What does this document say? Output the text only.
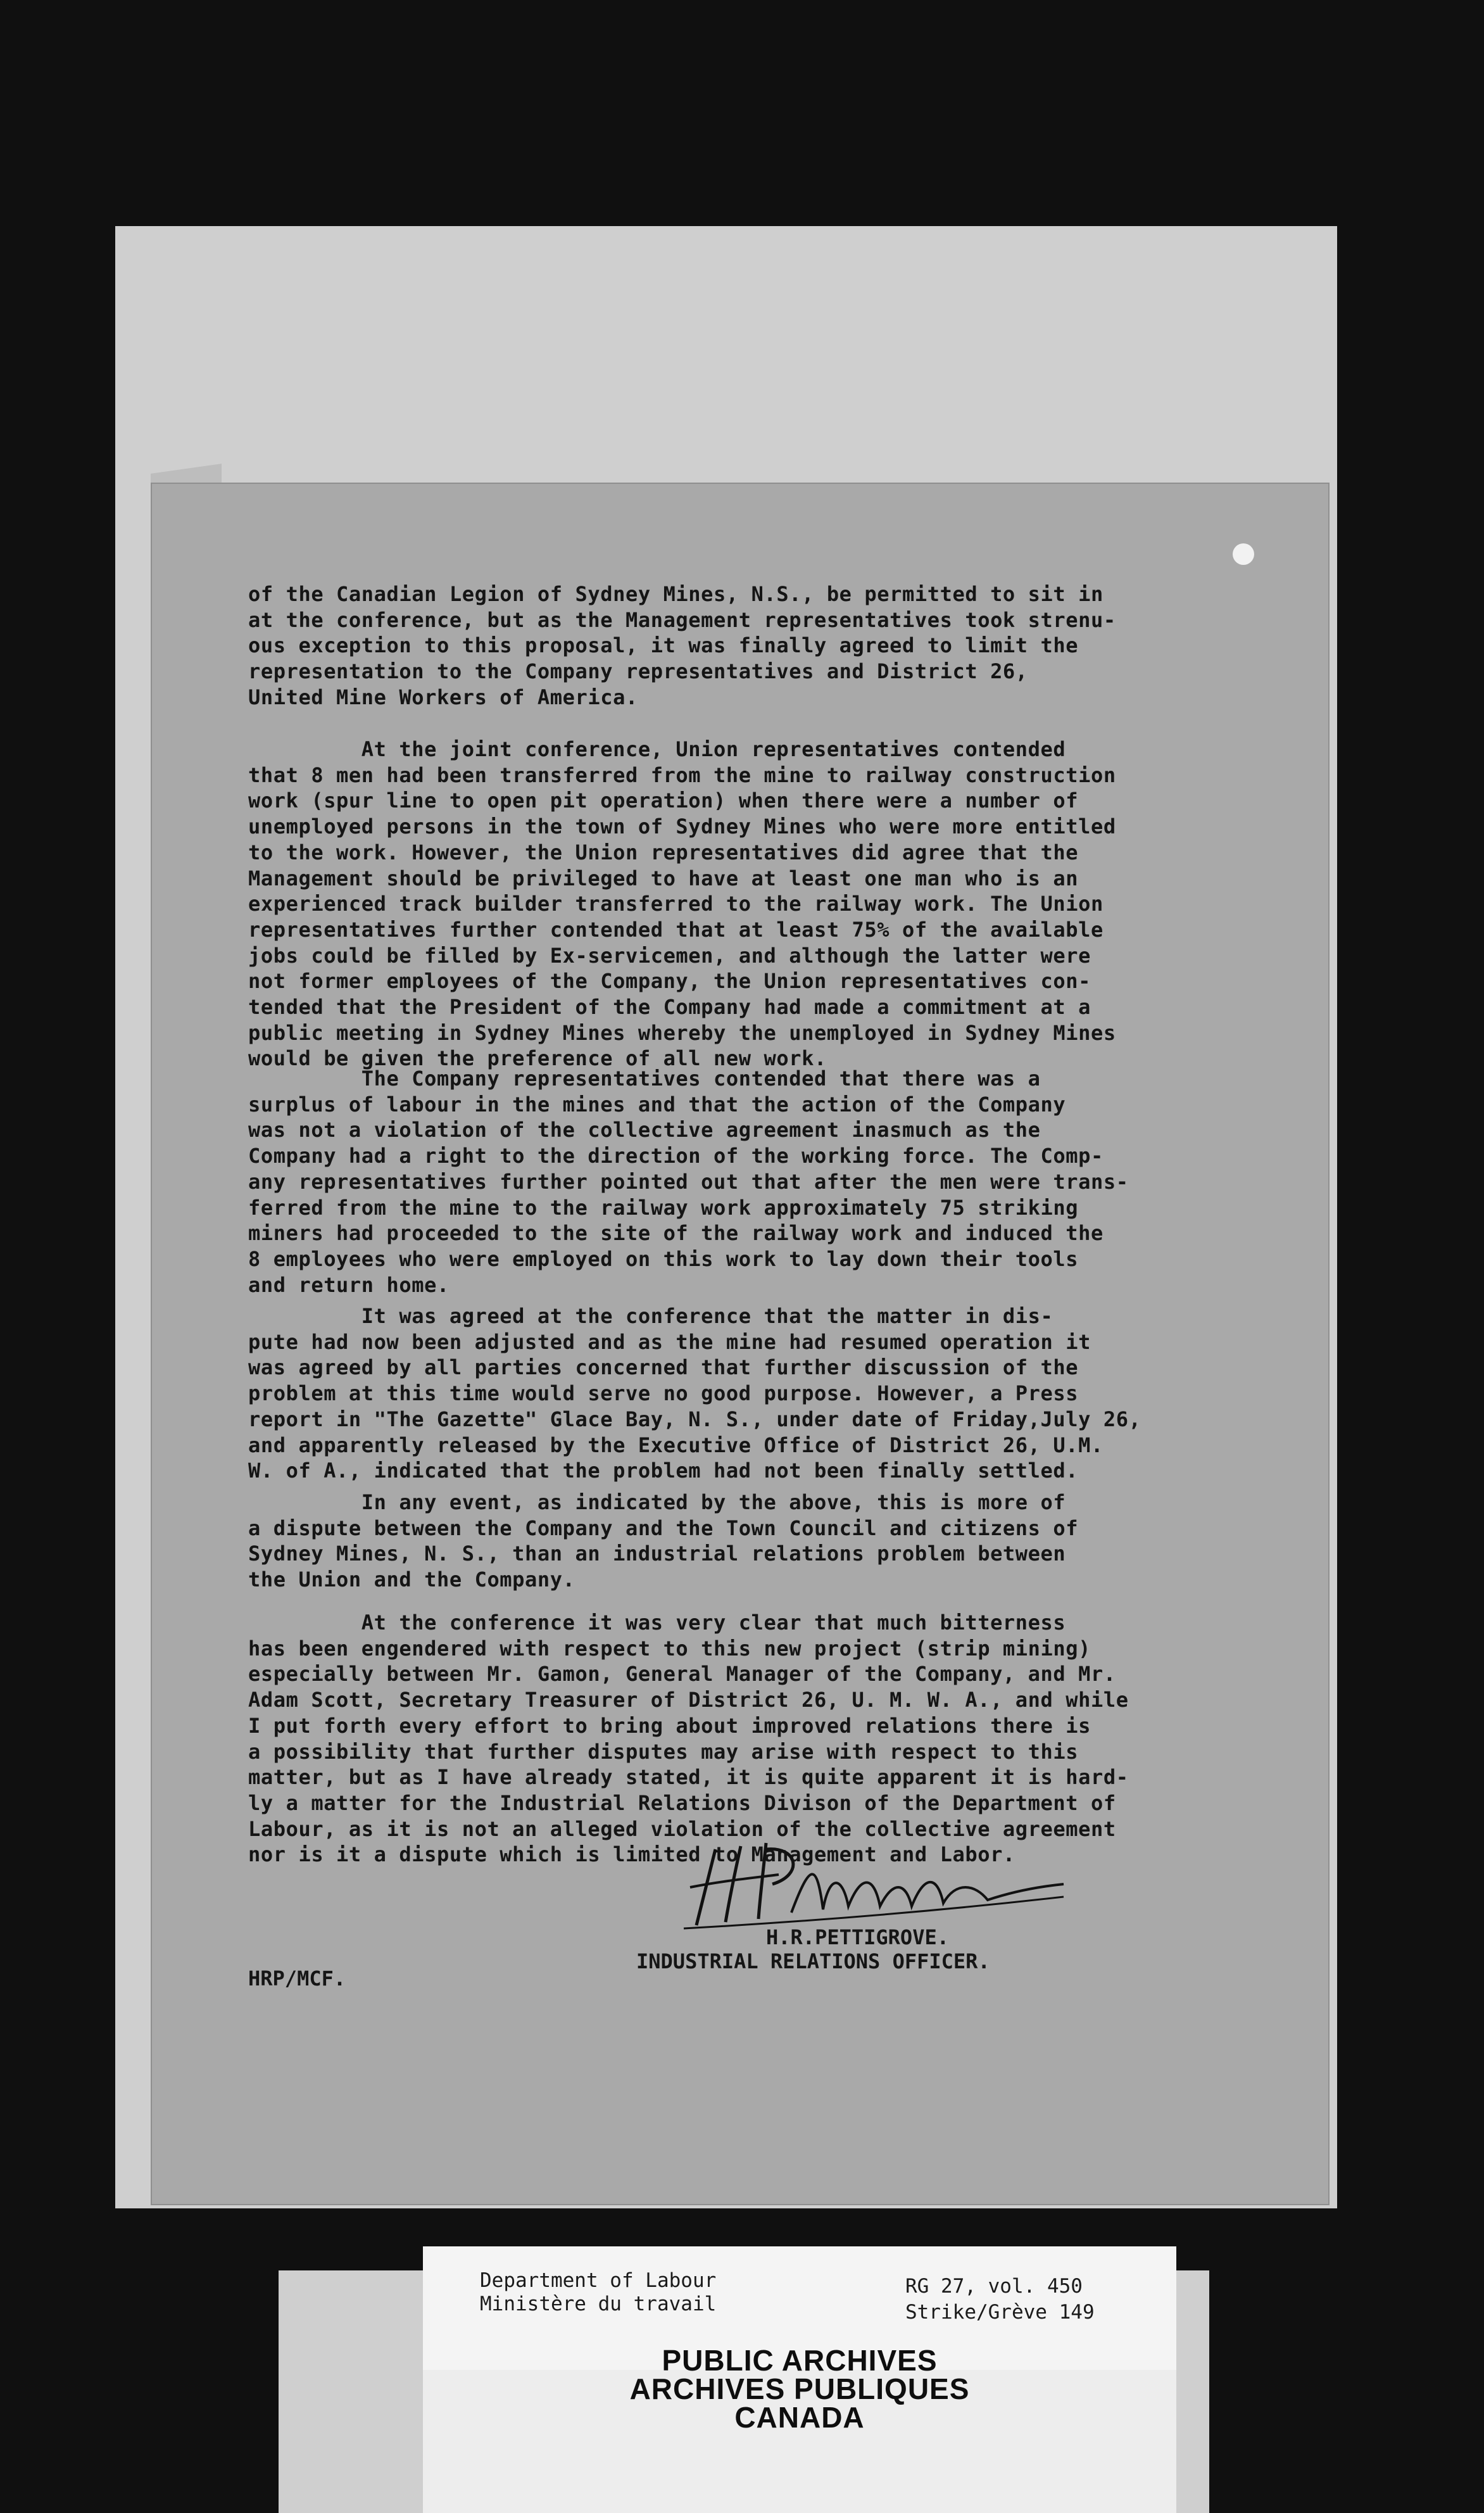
of the Canadian Legion of Sydney Mines, N.S., be permitted to sit in
at the conference, but as the Management representatives took strenu-
ous exception to this proposal, it was finally agreed to limit the
representation to the Company representatives and District 26,
United Mine Workers of America.
At the joint conference, Union representatives contended
that 8 men had been transferred from the mine to railway construction
work (spur line to open pit operation) when there were a number of
unemployed persons in the town of Sydney Mines who were more entitled
to the work. However, the Union representatives did agree that the
Management should be privileged to have at least one man who is an
experienced track builder transferred to the railway work. The Union
representatives further contended that at least 75% of the available
jobs could be filled by Ex-servicemen, and although the latter were
not former employees of the Company, the Union representatives con-
tended that the President of the Company had made a commitment at a
public meeting in Sydney Mines whereby the unemployed in Sydney Mines
would be given the preference of all new work.
The Company representatives contended that there was a
surplus of labour in the mines and that the action of the Company
was not a violation of the collective agreement inasmuch as the
Company had a right to the direction of the working force. The Comp-
any representatives further pointed out that after the men were trans-
ferred from the mine to the railway work approximately 75 striking
miners had proceeded to the site of the railway work and induced the
8 employees who were employed on this work to lay down their tools
and return home.
It was agreed at the conference that the matter in dis-
pute had now been adjusted and as the mine had resumed operation it
was agreed by all parties concerned that further discussion of the
problem at this time would serve no good purpose. However, a Press
report in "The Gazette" Glace Bay, N. S., under date of Friday,July 26,
and apparently released by the Executive Office of District 26, U.M.
W. of A., indicated that the problem had not been finally settled.
In any event, as indicated by the above, this is more of
a dispute between the Company and the Town Council and citizens of
Sydney Mines, N. S., than an industrial relations problem between
the Union and the Company.
At the conference it was very clear that much bitterness
has been engendered with respect to this new project (strip mining)
especially between Mr. Gamon, General Manager of the Company, and Mr.
Adam Scott, Secretary Treasurer of District 26, U. M. W. A., and while
I put forth every effort to bring about improved relations there is
a possibility that further disputes may arise with respect to this
matter, but as I have already stated, it is quite apparent it is hard-
ly a matter for the Industrial Relations Divison of the Department of
Labour, as it is not an alleged violation of the collective agreement
nor is it a dispute which is limited to Management and Labor.
H.R.PETTIGROVE.
INDUSTRIAL RELATIONS OFFICER.
HRP/MCF.
Department of Labour
Ministère du travail
RG 27, vol. 450
Strike/Grève 149

PUBLIC ARCHIVES

ARCHIVES PUBLIQUES

CANADA
